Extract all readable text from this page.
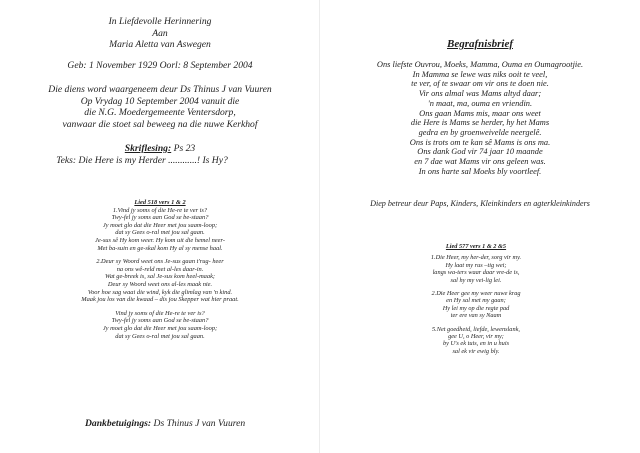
In Liefdevolle Herinnering
Aan
Maria Aletta van Aswegen
Geb: 1 November 1929 Oorl: 8 September 2004
Die diens word waargeneem deur Ds Thinus J van Vuuren
Op Vrydag 10 September 2004 vanuit die
die N.G. Moedergemeente Ventersdorp,
vanwaar die stoet sal beweeg na die nuwe Kerkhof
Skriflesing: Ps 23
Teks: Die Here is my Herder ............! Is Hy?
Lied 518 vers 1 & 2
1.Vind jy soms of die He-re te ver is?
Twy-fel jy soms aan God se be-staan?
Jy moet glo dat die Heer met jou saam-loop;
dat sy Gees o-ral met jou sal gaan.
Je-sus sê Hy kom weer. Hy kom uit die hemel neer-
Met ba-suin en ge-skal kom Hy al sy mense haal.
2.Deur sy Woord weet ons Je-sus gaan t'rug- heer
na ons wê-reld met al-les daar-in.
Wat ge-breek is, sal Je-sus kom heel-maak;
Deur sy Woord weet ons al-les maak nie.
Voor hoe sag waai die wind, kyk die glimlag van 'n kind.
Maak jou los van die kwaad – dis jou Skepper wat hier praat.
Vind jy soms of die He-re te ver is?
Twy-fel jy soms aan God se be-staan?
Jy moet glo dat die Heer met jou saam-loop;
dat sy Gees o-ral met jou sal gaan.
Dankbetuigings: Ds Thinus J van Vuuren
Begrafnisbrief
Ons liefste Ouvrou, Moeks, Mamma, Ouma en Oumagrootjie.
In Mamma se lewe was niks ooit te veel,
te ver, of te swaar om vir ons te doen nie.
Vir ons almal was Mams altyd daar;
'n maat, ma, ouma en vriendin.
Ons gaan Mams mis, maar ons weet
die Here is Mams se herder, hy het Mams
gedra en by groenweivelde neergelê.
Ons is trots om te kan sê Mams is ons ma.
Ons dank God vir 74 jaar 10 maande
en 7 dae wat Mams vir ons geleen was.
In ons harte sal Moeks bly voortleef.
Diep betreur deur Paps, Kinders, Kleinkinders en agterkleinkinders
Lied 577 vers 1 & 2 &5
1.Die Heer, my her-der, sorg vir my.
Hy laat my rus –tig wei;
langs wa-ters waar daar vre-de is,
sal hy my vei-lig lei.
2.Die Heer gee my weer nuwe krag
en Hy sal met my gaan;
Hy lei my op die regte pad
ter ere van sy Naam
5.Net goedheid, liefde, lewenslank,
gee U, o Heer, vir my;
by U's ek tuis, en in u huis
sal ek vir ewig bly.
